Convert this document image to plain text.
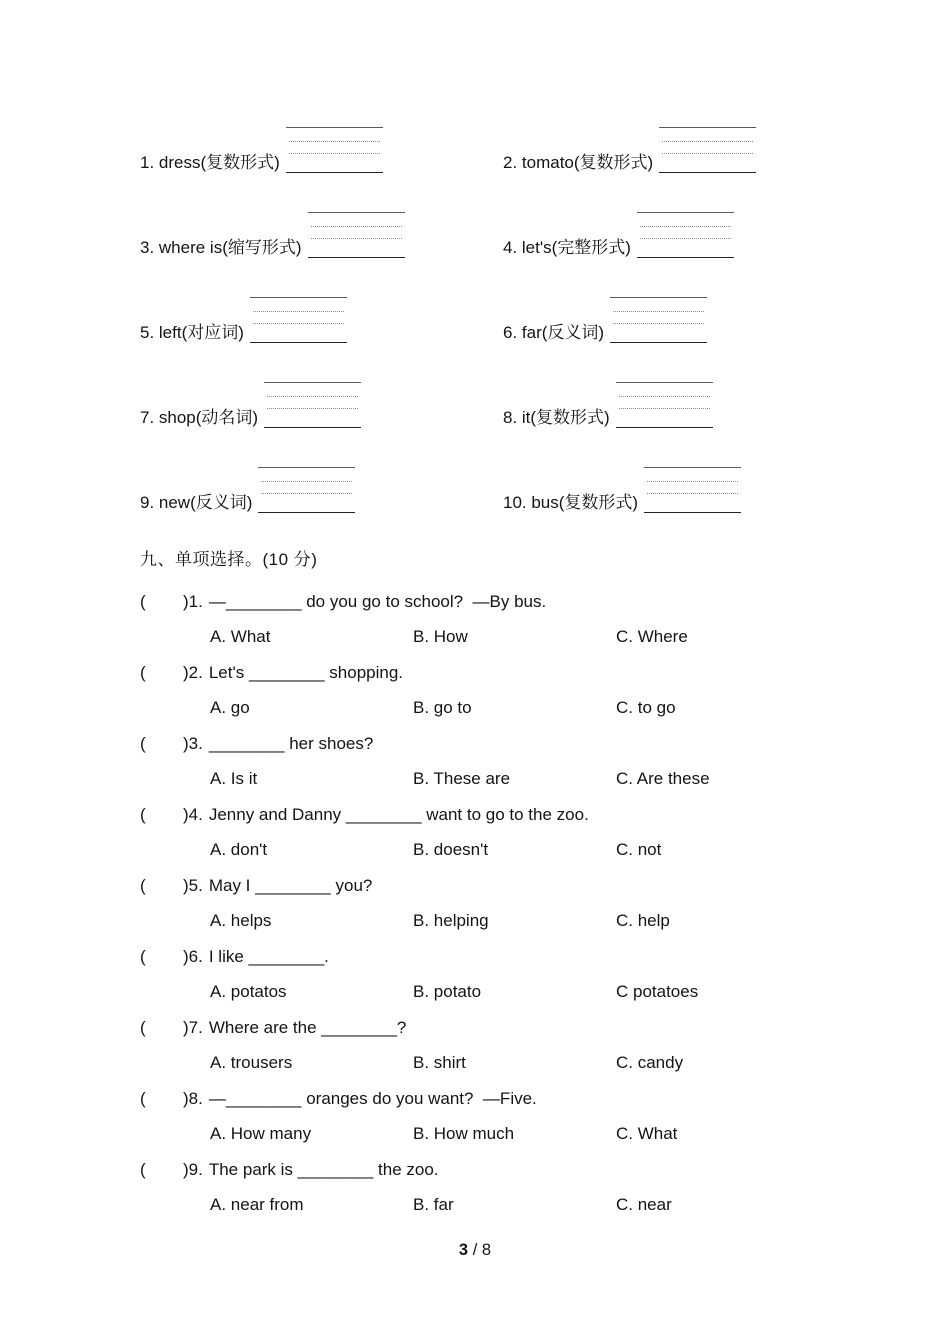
1. dress(复数形式)	2. tomato(复数形式)
3. where is(缩写形式)	4. let's(完整形式)
5. left(对应词)	6. far(反义词)
7. shop(动名词)	8. it(复数形式)
9. new(反义词)	10. bus(复数形式)
九、单项选择。(10 分)
( )1. —________ do you go to school?  —By bus.
A. What	B. How	C. Where
( )2. Let's ________ shopping.
A. go	B. go to	C. to go
( )3. ________ her shoes?
A. Is it	B. These are	C. Are these
( )4. Jenny and Danny ________ want to go to the zoo.
A. don't	B. doesn't	C. not
( )5. May I ________ you?
A. helps	B. helping	C. help
( )6. I like ________.
A. potatos	B. potato	C potatoes
( )7. Where are the ________?
A. trousers	B. shirt	C. candy
( )8. —________ oranges do you want?  —Five.
A. How many	B. How much	C. What
( )9. The park is ________ the zoo.
A. near from	B. far	C. near
3 / 8
